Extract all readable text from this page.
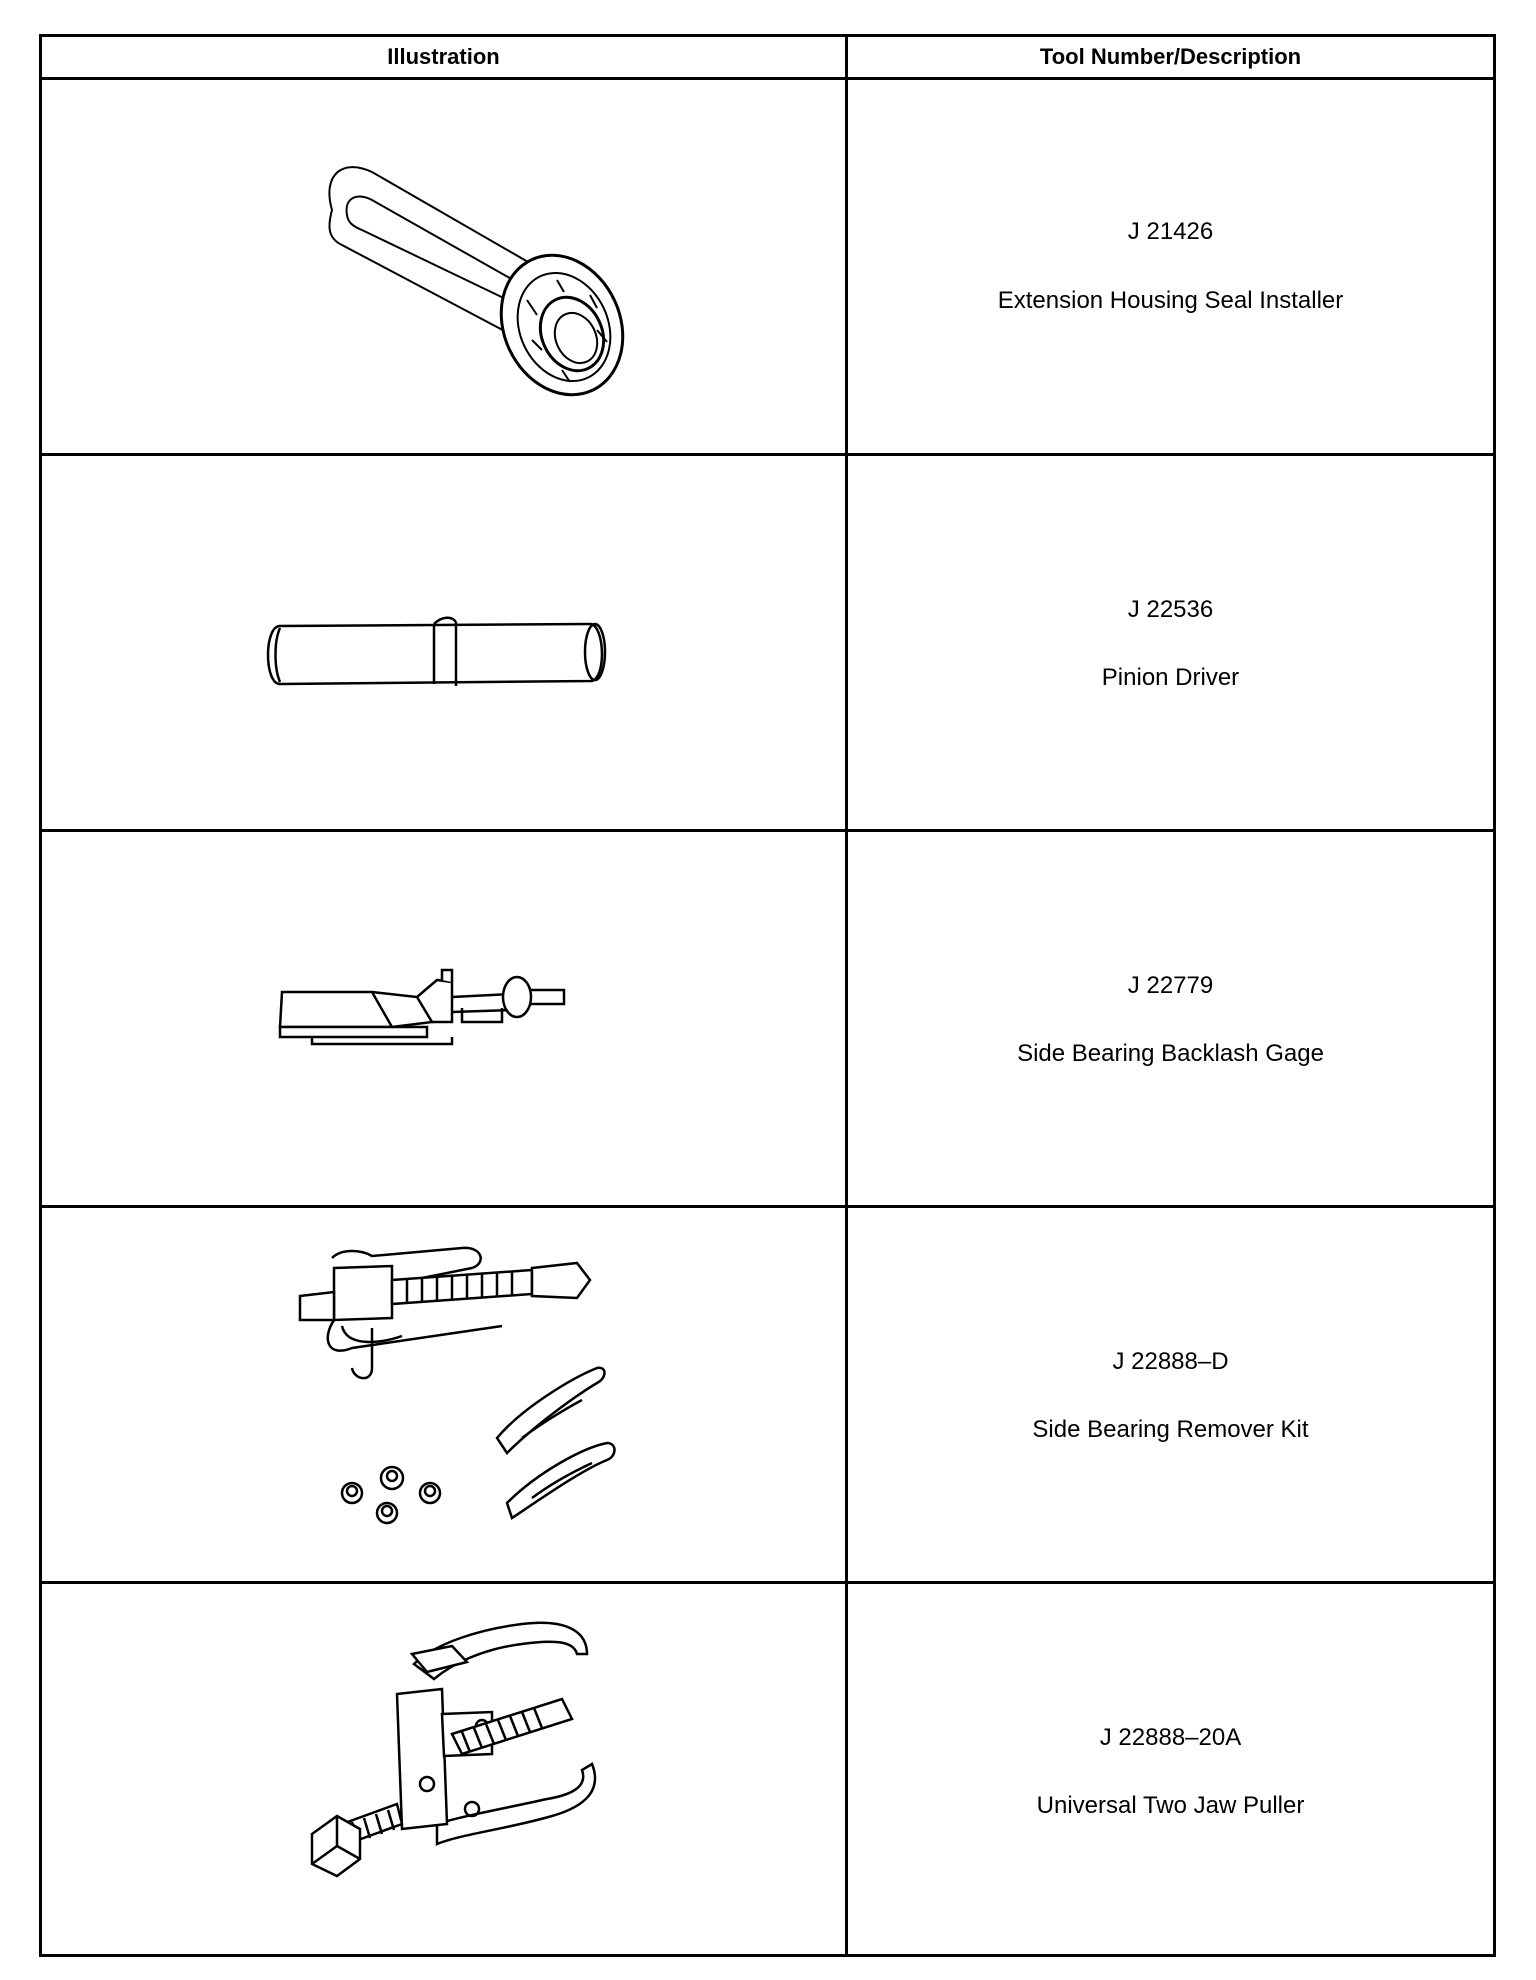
Illustration	Tool Number/Description
J 21426
Extension Housing Seal Installer
J 22536
Pinion Driver
J 22779
Side Bearing Backlash Gage
J 22888–D
Side Bearing Remover Kit
J 22888–20A
Universal Two Jaw Puller
